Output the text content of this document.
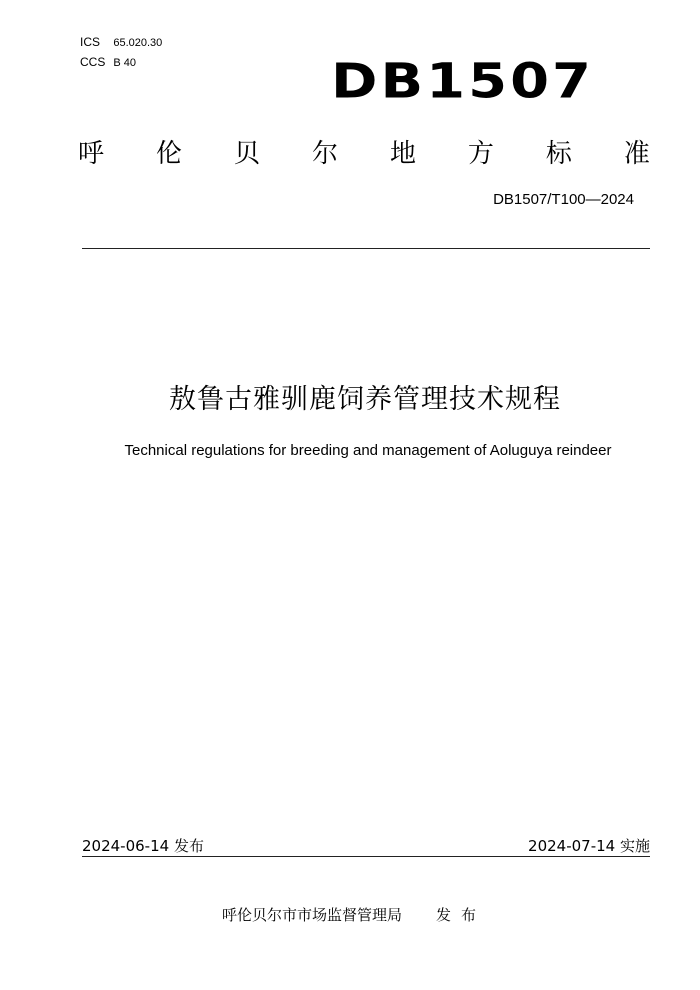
ICS 65.020.30
CCS B 40	DB1507
呼 伦 贝 尔 地 方 标 准
DB1507/T100—2024
敖鲁古雅驯鹿饲养管理技术规程
Technical regulations for breeding and management of Aoluguya reindeer
2024-06-14 发布	2024-07-14 实施
呼伦贝尔市市场监督管理局 发布
